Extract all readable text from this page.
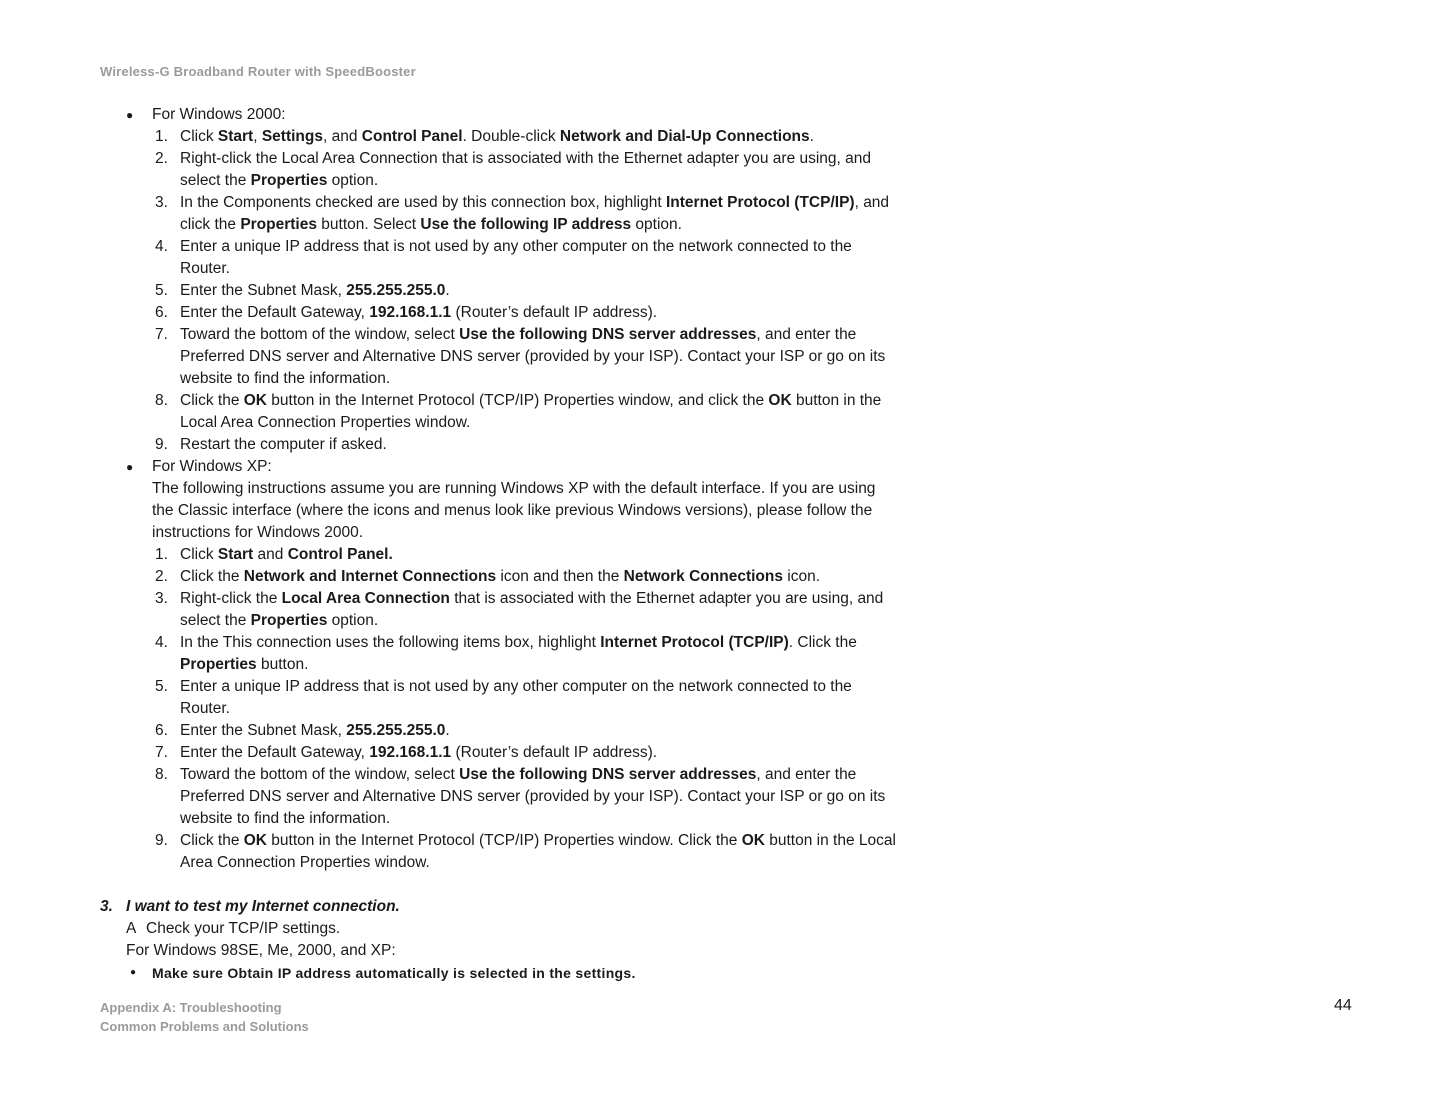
Wireless-G Broadband Router with SpeedBooster
● For Windows 2000:
1. Click Start, Settings, and Control Panel. Double-click Network and Dial-Up Connections.
2. Right-click the Local Area Connection that is associated with the Ethernet adapter you are using, and select the Properties option.
3. In the Components checked are used by this connection box, highlight Internet Protocol (TCP/IP), and click the Properties button. Select Use the following IP address option.
4. Enter a unique IP address that is not used by any other computer on the network connected to the Router.
5. Enter the Subnet Mask, 255.255.255.0.
6. Enter the Default Gateway, 192.168.1.1 (Router’s default IP address).
7. Toward the bottom of the window, select Use the following DNS server addresses, and enter the Preferred DNS server and Alternative DNS server (provided by your ISP). Contact your ISP or go on its website to find the information.
8. Click the OK button in the Internet Protocol (TCP/IP) Properties window, and click the OK button in the Local Area Connection Properties window.
9. Restart the computer if asked.
● For Windows XP:
The following instructions assume you are running Windows XP with the default interface. If you are using the Classic interface (where the icons and menus look like previous Windows versions), please follow the instructions for Windows 2000.
1. Click Start and Control Panel.
2. Click the Network and Internet Connections icon and then the Network Connections icon.
3. Right-click the Local Area Connection that is associated with the Ethernet adapter you are using, and select the Properties option.
4. In the This connection uses the following items box, highlight Internet Protocol (TCP/IP). Click the Properties button.
5. Enter a unique IP address that is not used by any other computer on the network connected to the Router.
6. Enter the Subnet Mask, 255.255.255.0.
7. Enter the Default Gateway, 192.168.1.1 (Router’s default IP address).
8. Toward the bottom of the window, select Use the following DNS server addresses, and enter the Preferred DNS server and Alternative DNS server (provided by your ISP). Contact your ISP or go on its website to find the information.
9. Click the OK button in the Internet Protocol (TCP/IP) Properties window. Click the OK button in the Local Area Connection Properties window.
3. I want to test my Internet connection.
A Check your TCP/IP settings.
For Windows 98SE, Me, 2000, and XP:
● Make sure Obtain IP address automatically is selected in the settings.
Appendix A: Troubleshooting
Common Problems and Solutions
44
